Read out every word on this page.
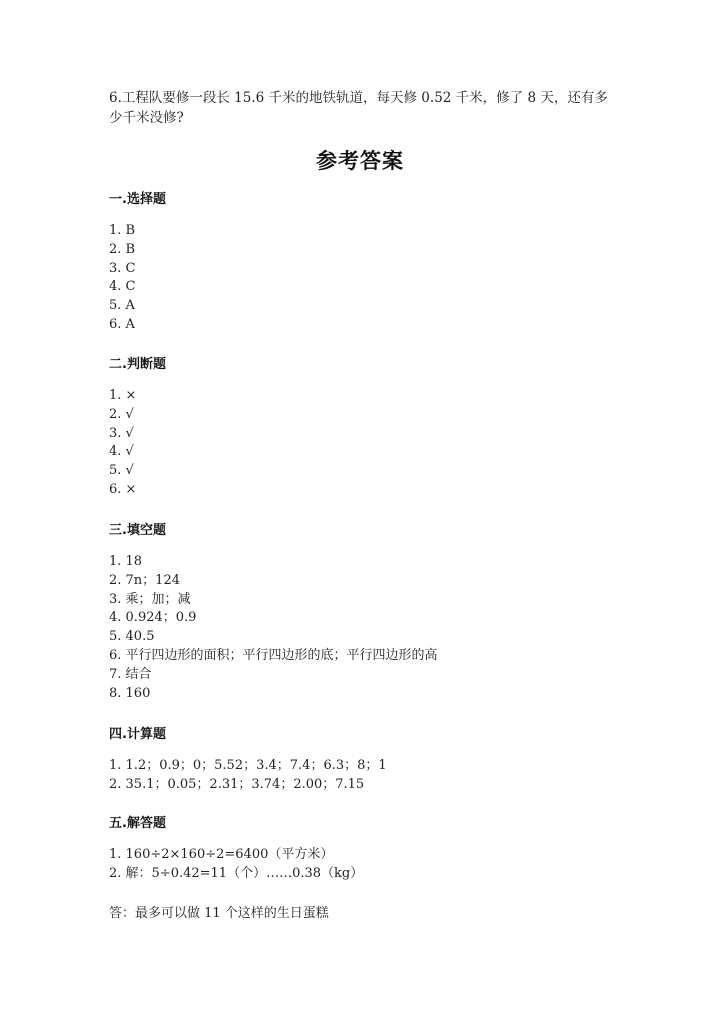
6.工程队要修一段长 15.6 千米的地铁轨道，每天修 0.52 千米，修了 8 天，还有多少千米没修?
参考答案
一.选择题
1. B
2. B
3. C
4. C
5. A
6. A
二.判断题
1. ×
2. √
3. √
4. √
5. √
6. ×
三.填空题
1. 18
2. 7n；124
3. 乘；加；减
4. 0.924；0.9
5. 40.5
6. 平行四边形的面积；平行四边形的底；平行四边形的高
7. 结合
8. 160
四.计算题
1. 1.2；0.9；0；5.52；3.4；7.4；6.3；8；1
2. 35.1；0.05；2.31；3.74；2.00；7.15
五.解答题
1. 160÷2×160÷2=6400（平方米）
2. 解：5÷0.42=11（个）……0.38（kg）
答：最多可以做 11 个这样的生日蛋糕
